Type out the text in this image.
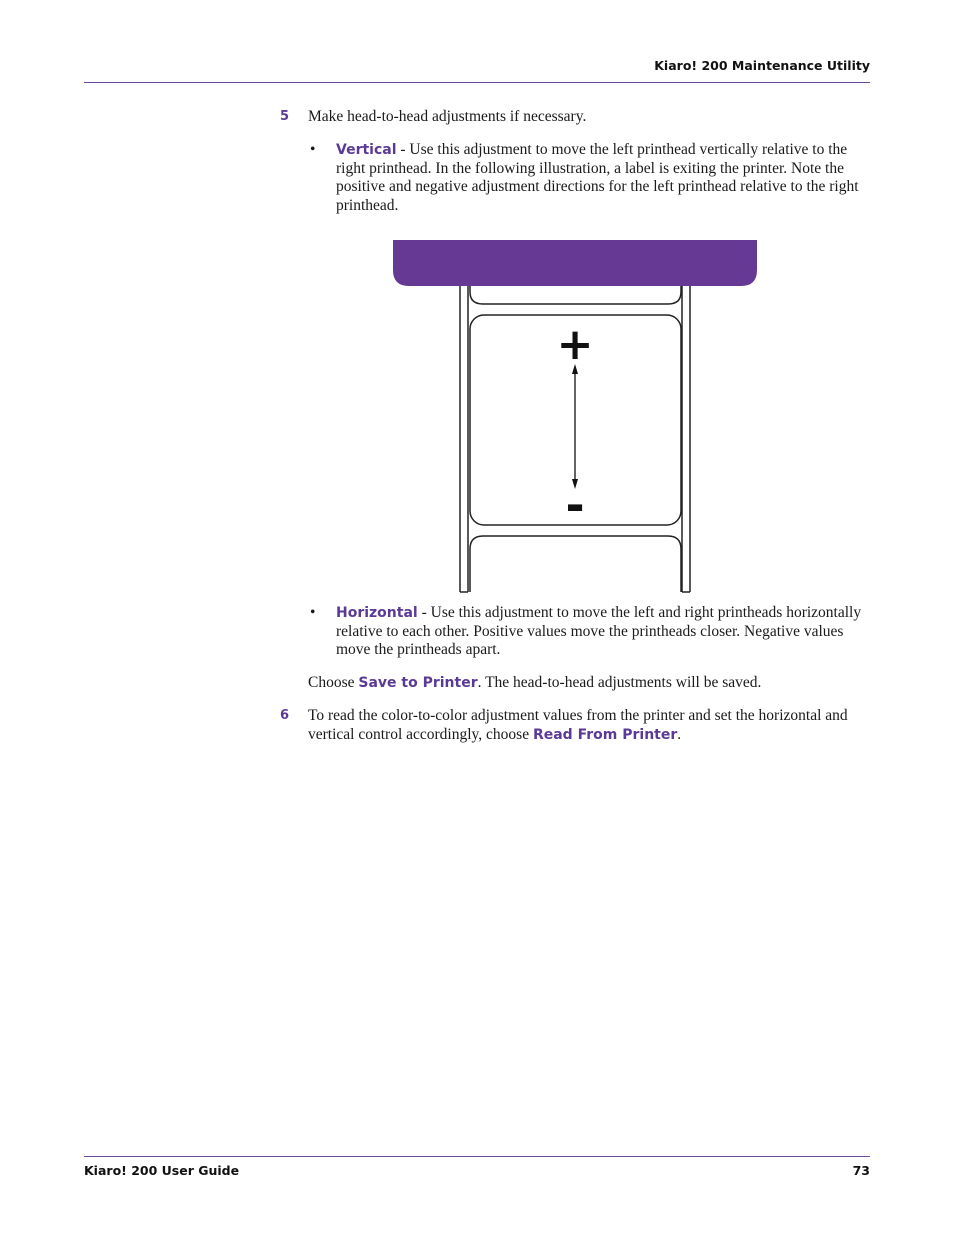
Kiaro! 200 Maintenance Utility
5 Make head-to-head adjustments if necessary.
• Vertical - Use this adjustment to move the left printhead vertically relative to the right printhead. In the following illustration, a label is exiting the printer. Note the positive and negative adjustment directions for the left printhead relative to the right printhead.
+
-
• Horizontal - Use this adjustment to move the left and right printheads horizontally relative to each other. Positive values move the printheads closer. Negative values move the printheads apart.
Choose Save to Printer. The head-to-head adjustments will be saved.
6 To read the color-to-color adjustment values from the printer and set the horizontal and vertical control accordingly, choose Read From Printer.
Kiaro! 200 User Guide	73
